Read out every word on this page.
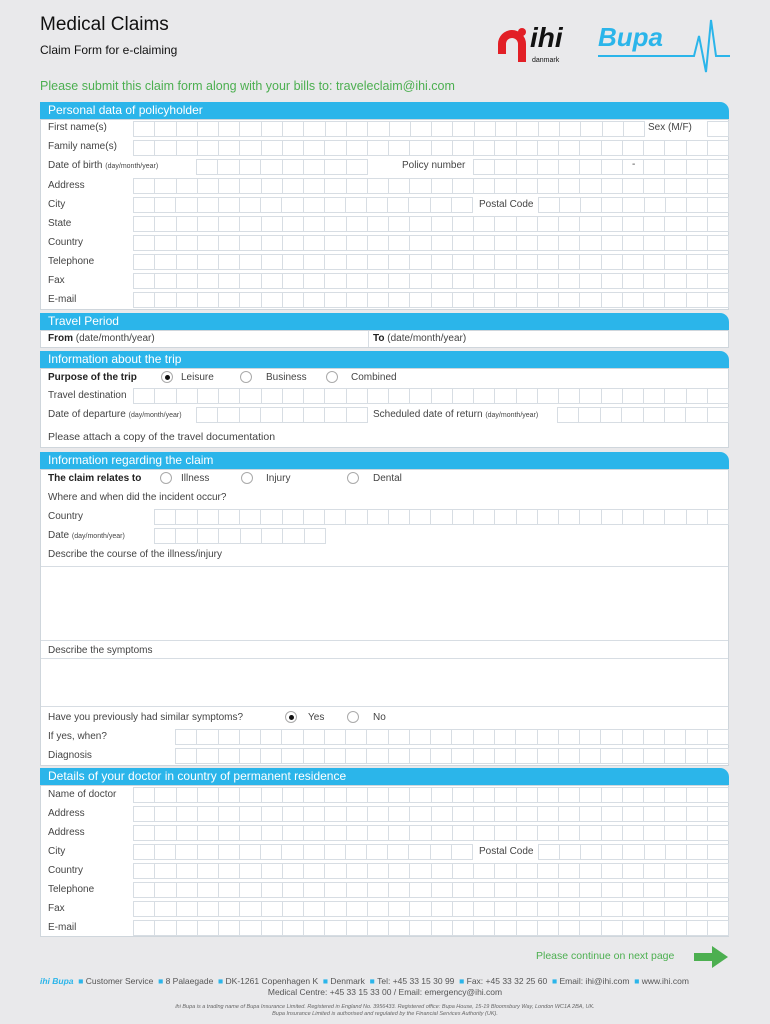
Medical Claims
Claim Form for e-claiming	ihi
danmark
Bupa
Please submit this claim form along with your bills to: traveleclaim@ihi.com
Personal data of policyholder
First name(s)	Sex (M/F)
Family name(s)
Date of birth (day/month/year)	Policy number	-
Address
City	Postal Code
State
Country
Telephone
Fax
E-mail
Travel Period
From (date/month/year)	To (date/month/year)
Information about the trip
Purpose of the trip	Leisure	Business	Combined
Travel destination
Date of departure (day/month/year)	Scheduled date of return (day/month/year)
Please attach a copy of the travel documentation
Information regarding the claim
The claim relates to	Illness	Injury	Dental
Where and when did the incident occur?
Country
Date (day/month/year)
Describe the course of the illness/injury
Describe the symptoms
Have you previously had similar symptoms?	Yes	No
If yes, when?
Diagnosis
Details of your doctor in country of permanent residence
Name of doctor
Address
Address
City	Postal Code
Country
Telephone
Fax
E-mail
Please continue on next page
ihi Bupa  ■ Customer Service  ■ 8 Palaegade  ■ DK-1261 Copenhagen K  ■ Denmark  ■ Tel: +45 33 15 30 99  ■ Fax: +45 33 32 25 60  ■ Email: ihi@ihi.com  ■ www.ihi.com
Medical Centre: +45 33 15 33 00 / Email: emergency@ihi.com
ihi Bupa is a trading name of Bupa Insurance Limited. Registered in England No. 3956433. Registered office: Bupa House, 15-19 Bloomsbury Way, London WC1A 2BA, UK.
Bupa Insurance Limited is authorised and regulated by the Financial Services Authority (UK).
